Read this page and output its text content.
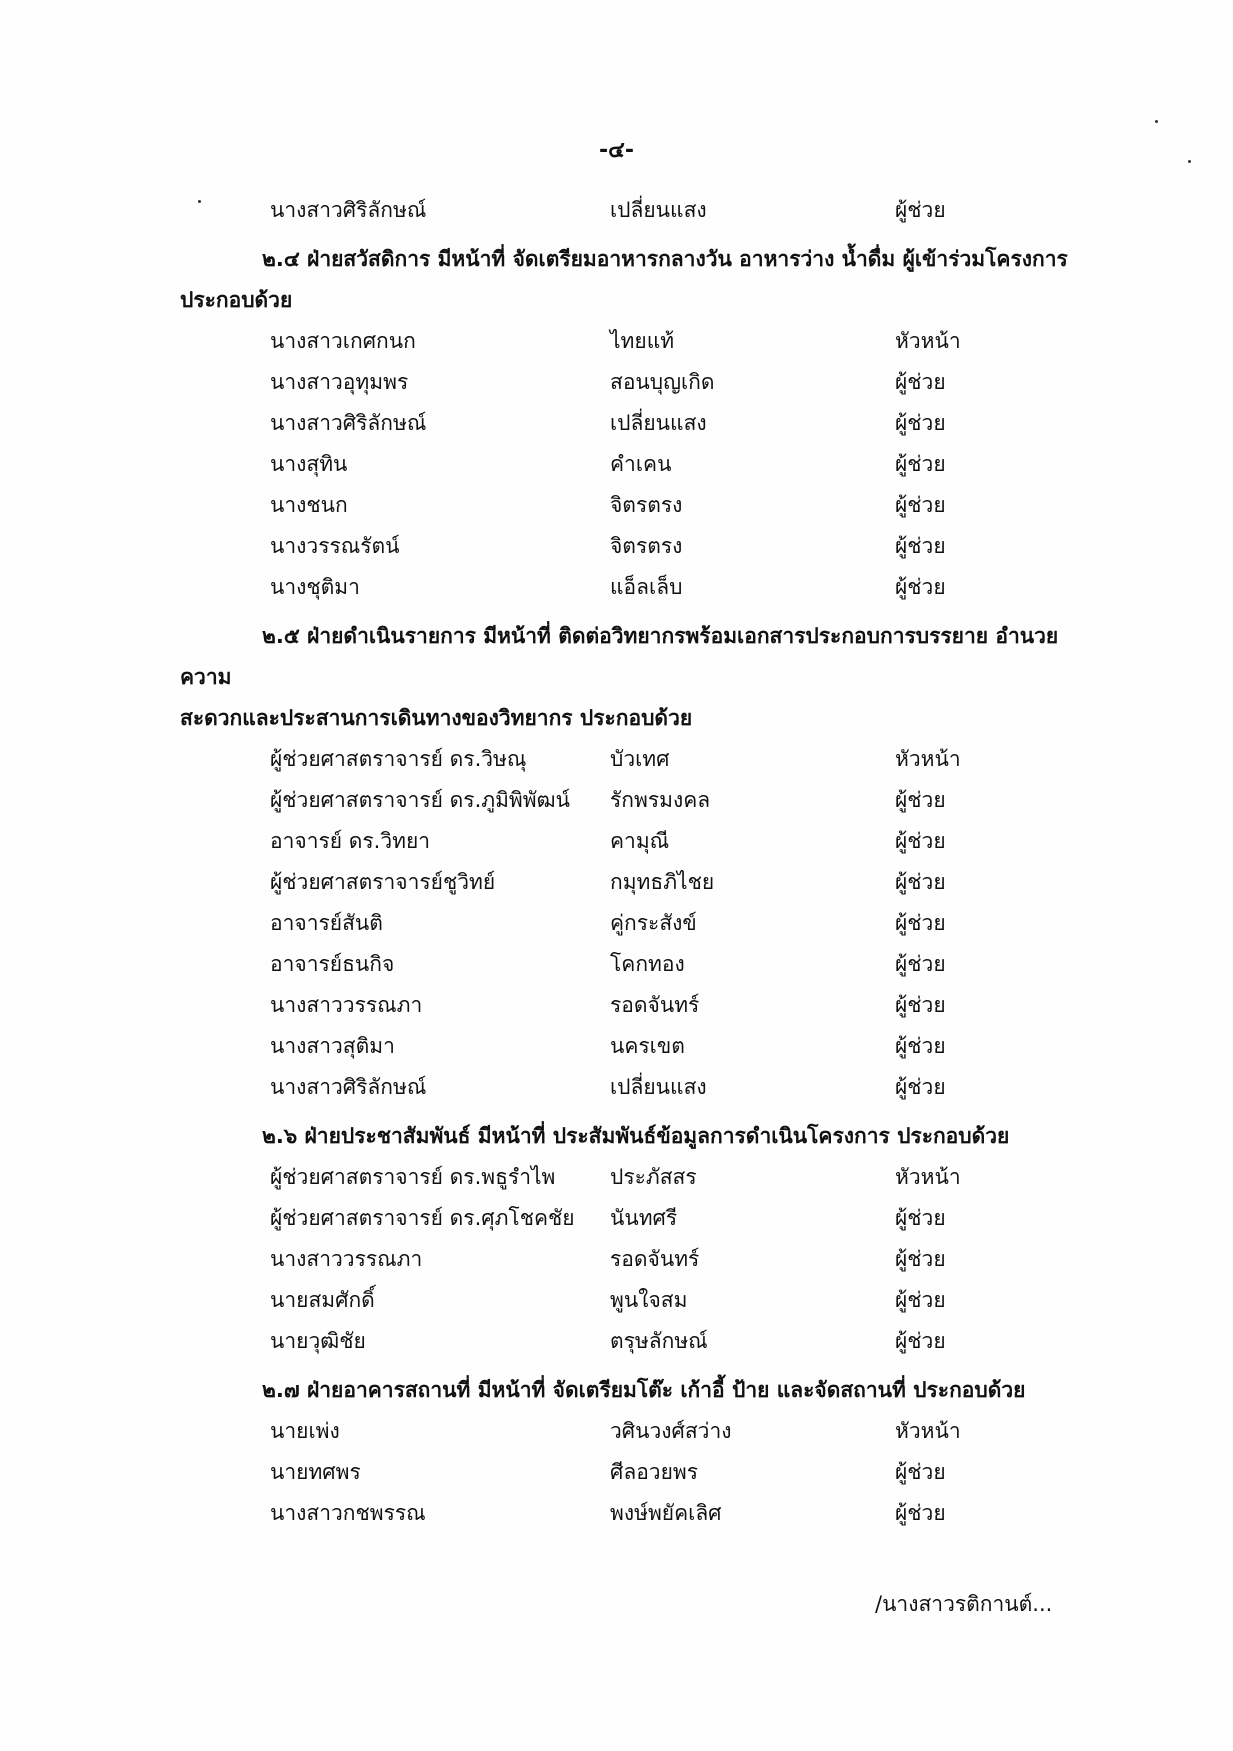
-๔-
นางสาวศิริลักษณ์	เปลี่ยนแสง	ผู้ช่วย
๒.๔ ฝ่ายสวัสดิการ มีหน้าที่ จัดเตรียมอาหารกลางวัน อาหารว่าง น้ำดื่ม ผู้เข้าร่วมโครงการ
ประกอบด้วย
นางสาวเกศกนก	ไทยแท้	หัวหน้า
นางสาวอุทุมพร	สอนบุญเกิด	ผู้ช่วย
นางสาวศิริลักษณ์	เปลี่ยนแสง	ผู้ช่วย
นางสุทิน	คำเคน	ผู้ช่วย
นางชนก	จิตรตรง	ผู้ช่วย
นางวรรณรัตน์	จิตรตรง	ผู้ช่วย
นางชุติมา	แอ็ลเล็บ	ผู้ช่วย
๒.๕ ฝ่ายดำเนินรายการ มีหน้าที่ ติดต่อวิทยากรพร้อมเอกสารประกอบการบรรยาย อำนวยความ
สะดวกและประสานการเดินทางของวิทยากร ประกอบด้วย
ผู้ช่วยศาสตราจารย์ ดร.วิษณุ	บัวเทศ	หัวหน้า
ผู้ช่วยศาสตราจารย์ ดร.ภูมิพิพัฒน์	รักพรมงคล	ผู้ช่วย
อาจารย์ ดร.วิทยา	คามุณี	ผู้ช่วย
ผู้ช่วยศาสตราจารย์ชูวิทย์	กมุทธภิไชย	ผู้ช่วย
อาจารย์สันติ	คู่กระสังข์	ผู้ช่วย
อาจารย์ธนกิจ	โคกทอง	ผู้ช่วย
นางสาววรรณภา	รอดจันทร์	ผู้ช่วย
นางสาวสุติมา	นครเขต	ผู้ช่วย
นางสาวศิริลักษณ์	เปลี่ยนแสง	ผู้ช่วย
๒.๖ ฝ่ายประชาสัมพันธ์ มีหน้าที่ ประสัมพันธ์ข้อมูลการดำเนินโครงการ ประกอบด้วย
ผู้ช่วยศาสตราจารย์ ดร.พธูรำไพ	ประภัสสร	หัวหน้า
ผู้ช่วยศาสตราจารย์ ดร.ศุภโชคชัย	นันทศรี	ผู้ช่วย
นางสาววรรณภา	รอดจันทร์	ผู้ช่วย
นายสมศักดิ์	พูนใจสม	ผู้ช่วย
นายวุฒิชัย	ตรุษลักษณ์	ผู้ช่วย
๒.๗ ฝ่ายอาคารสถานที่ มีหน้าที่ จัดเตรียมโต๊ะ เก้าอี้ ป้าย และจัดสถานที่ ประกอบด้วย
นายเพ่ง	วศินวงศ์สว่าง	หัวหน้า
นายทศพร	ศีลอวยพร	ผู้ช่วย
นางสาวกชพรรณ	พงษ์พยัคเลิศ	ผู้ช่วย
/นางสาวรติกานต์...
